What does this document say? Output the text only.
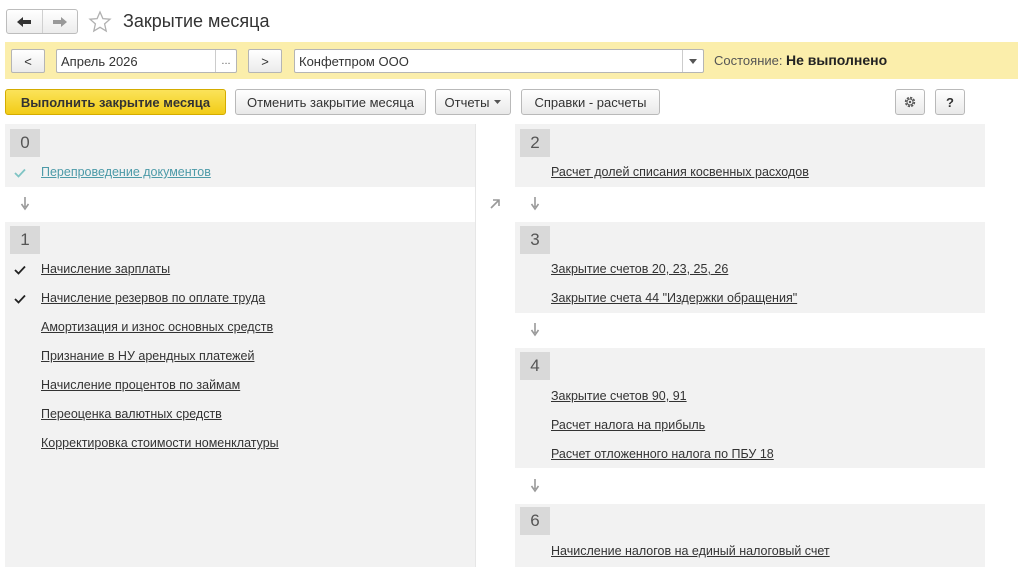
Закрытие месяца
<	Апрель 2026	...	>	Конфетпром ООО	Состояние: Не выполнено
Выполнить закрытие месяца	Отменить закрытие месяца	Отчеты	Справки - расчеты	?
0
Перепроведение документов
1
Начисление зарплаты
Начисление резервов по оплате труда
Амортизация и износ основных средств
Признание в НУ арендных платежей
Начисление процентов по займам
Переоценка валютных средств
Корректировка стоимости номенклатуры
2
Расчет долей списания косвенных расходов
3
Закрытие счетов 20, 23, 25, 26
Закрытие счета 44 "Издержки обращения"
4
Закрытие счетов 90, 91
Расчет налога на прибыль
Расчет отложенного налога по ПБУ 18
6
Начисление налогов на единый налоговый счет
